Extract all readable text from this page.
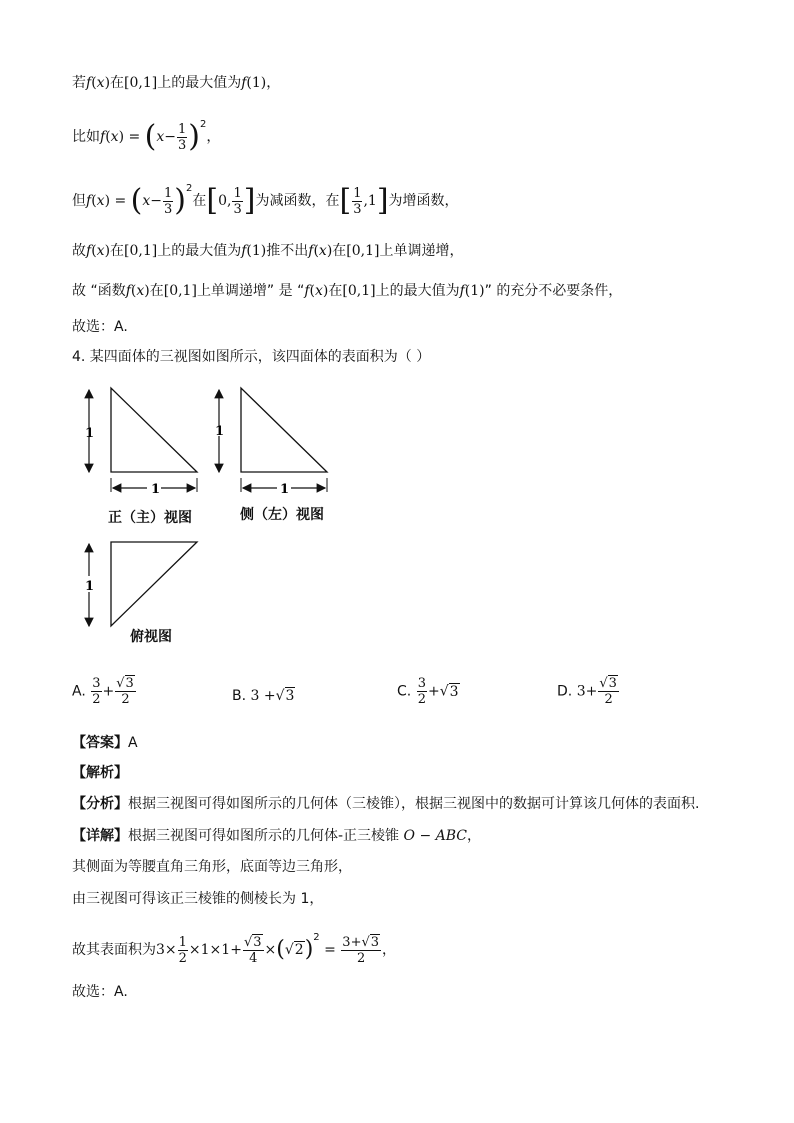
若f(x)在[0,1]上的最大值为f(1)，
比如$f(x) = (x- \frac{1}{3} )^2$，
但$f(x) = (x- \frac{1}{3} )^2$在[0, $\frac{1}{3}$ ]为减函数，在[ $\frac{1}{3} ,1$]为增函数，
故f(x)在[0,1]上的最大值为f(1)推不出f(x)在[0,1]上单调递增，
故 “函数f(x)在[0,1]上单调递增” 是 “f(x)在[0,1]上的最大值为f(1)” 的充分不必要条件，
故选：A.
4. 某四面体的三视图如图所示，该四面体的表面积为（ ）
1
1
1
1
1
正（主）视图	侧（左）视图
俯视图
A. $\frac{3}{2} + \frac{√3}{2}$	B. 3 +√3	C. $\frac{3}{2} +√3$	D. $3+ \frac{√3}{2}$
【答案】A
【解析】
【分析】根据三视图可得如图所示的几何体（三棱锥），根据三视图中的数据可计算该几何体的表面积.
【详解】根据三视图可得如图所示的几何体-正三棱锥 O − ABC，
其侧面为等腰直角三角形，底面等边三角形，
由三视图可得该正三棱锥的侧棱长为 1，
故其表面积为$3\times \frac{1}{2} \times 1\times 1+ \frac{√3}{4} \times(√2)^2 = \frac{3+√3}{2}$ ，
故选：A.
